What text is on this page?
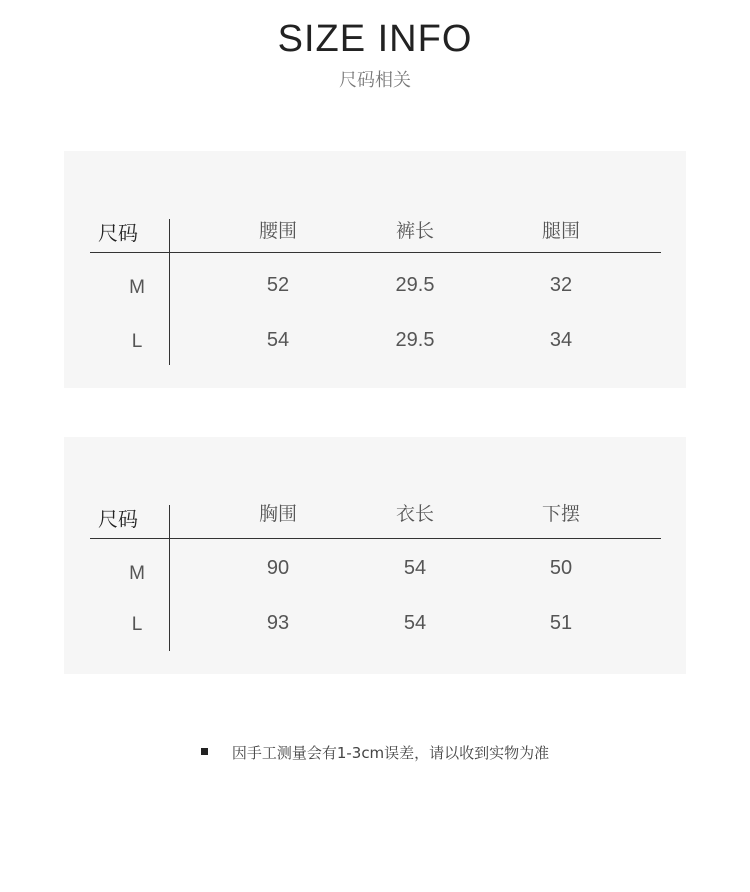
SIZE INFO
尺码相关
尺码	腰围	裤长	腿围
M	52	29.5	32
L	54	29.5	34
尺码	胸围	衣长	下摆
M	90	54	50
L	93	54	51
因手工测量会有1-3cm误差，请以收到实物为准
